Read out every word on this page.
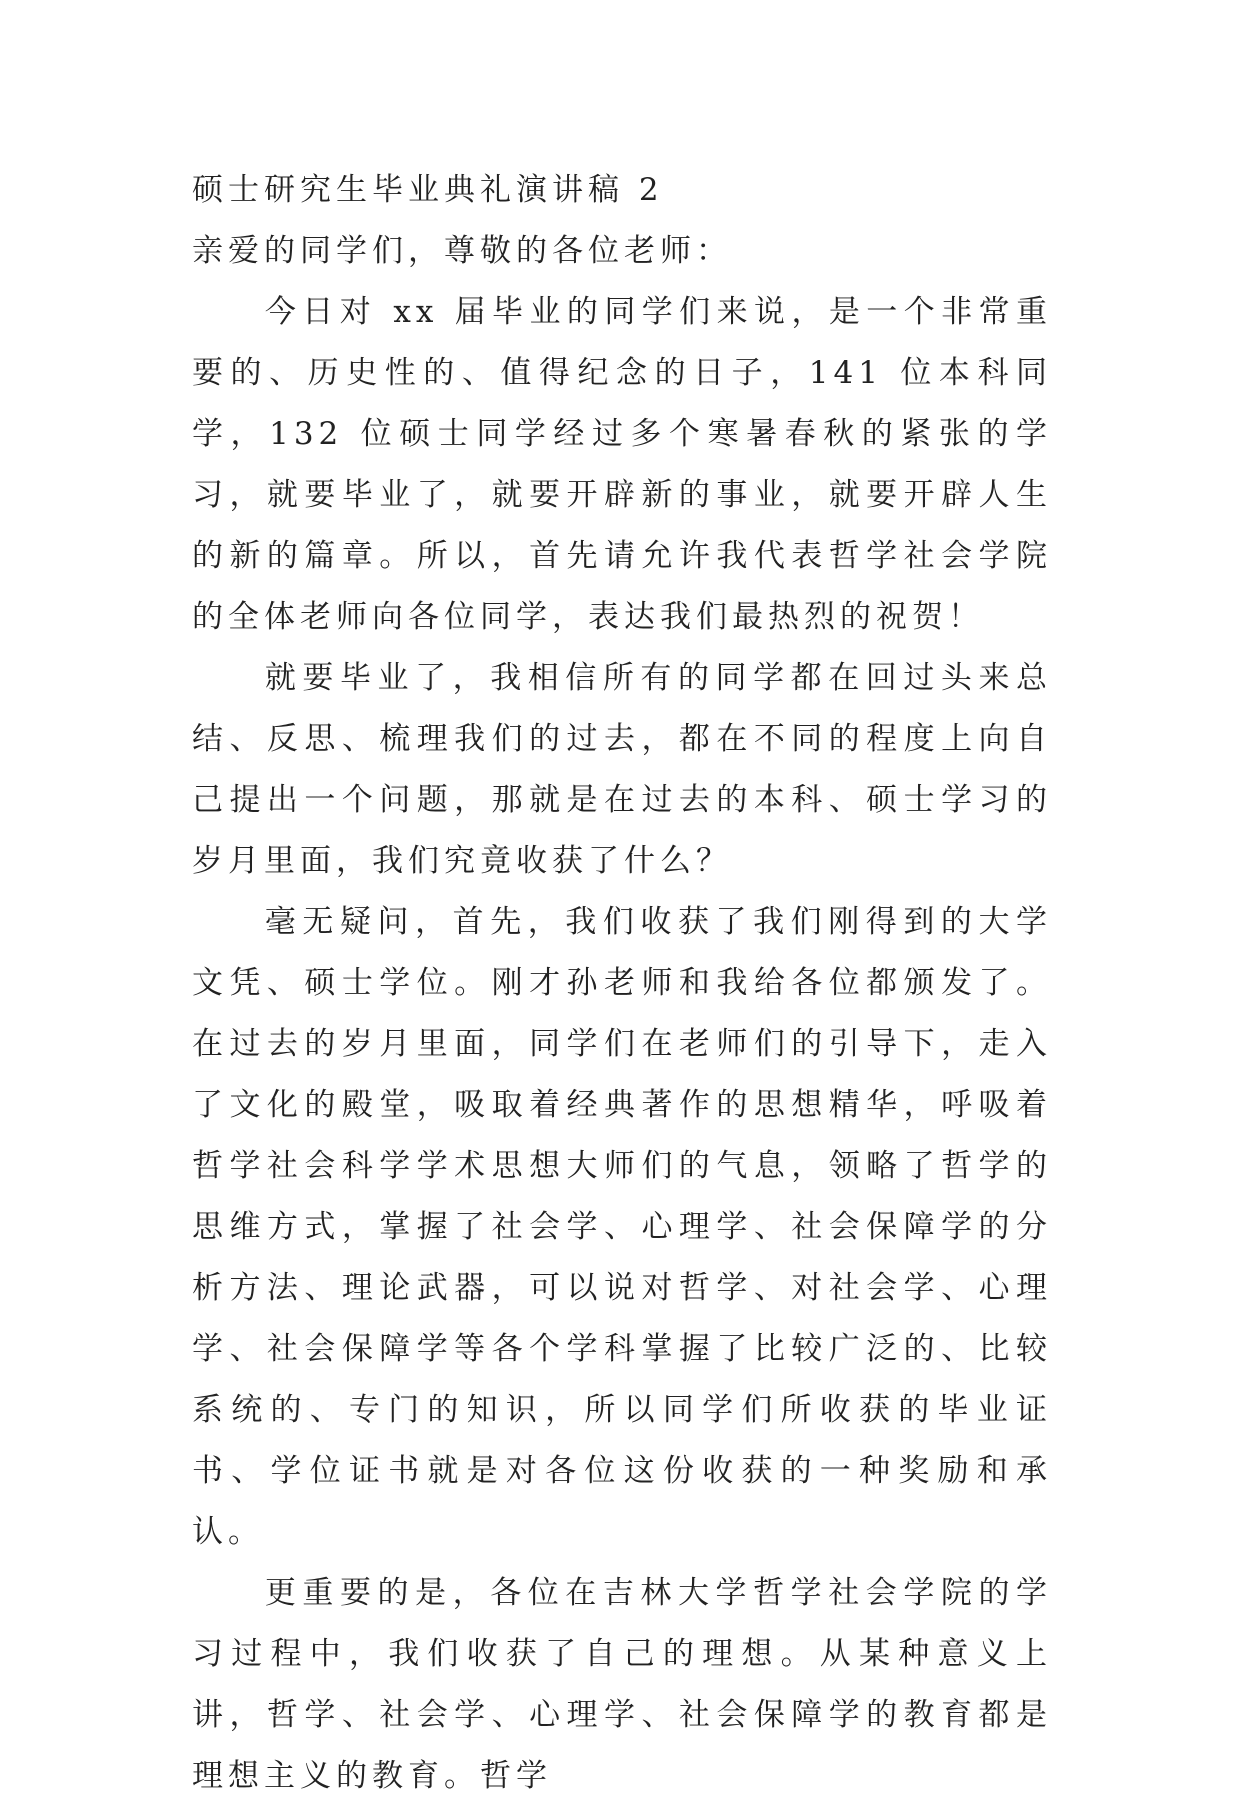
硕士研究生毕业典礼演讲稿 2

亲爱的同学们，尊敬的各位老师：

今日对 xx 届毕业的同学们来说，是一个非常重要的、历史性的、值得纪念的日子，141 位本科同学，132 位硕士同学经过多个寒暑春秋的紧张的学习，就要毕业了，就要开辟新的事业，就要开辟人生的新的篇章。所以，首先请允许我代表哲学社会学院的全体老师向各位同学，表达我们最热烈的祝贺！

就要毕业了，我相信所有的同学都在回过头来总结、反思、梳理我们的过去，都在不同的程度上向自己提出一个问题，那就是在过去的本科、硕士学习的岁月里面，我们究竟收获了什么？

毫无疑问，首先，我们收获了我们刚得到的大学文凭、硕士学位。刚才孙老师和我给各位都颁发了。在过去的岁月里面，同学们在老师们的引导下，走入了文化的殿堂，吸取着经典著作的思想精华，呼吸着哲学社会科学学术思想大师们的气息，领略了哲学的思维方式，掌握了社会学、心理学、社会保障学的分析方法、理论武器，可以说对哲学、对社会学、心理学、社会保障学等各个学科掌握了比较广泛的、比较系统的、专门的知识，所以同学们所收获的毕业证书、学位证书就是对各位这份收获的一种奖励和承认。

更重要的是，各位在吉林大学哲学社会学院的学习过程中，我们收获了自己的理想。从某种意义上讲，哲学、社会学、心理学、社会保障学的教育都是理想主义的教育。哲学
